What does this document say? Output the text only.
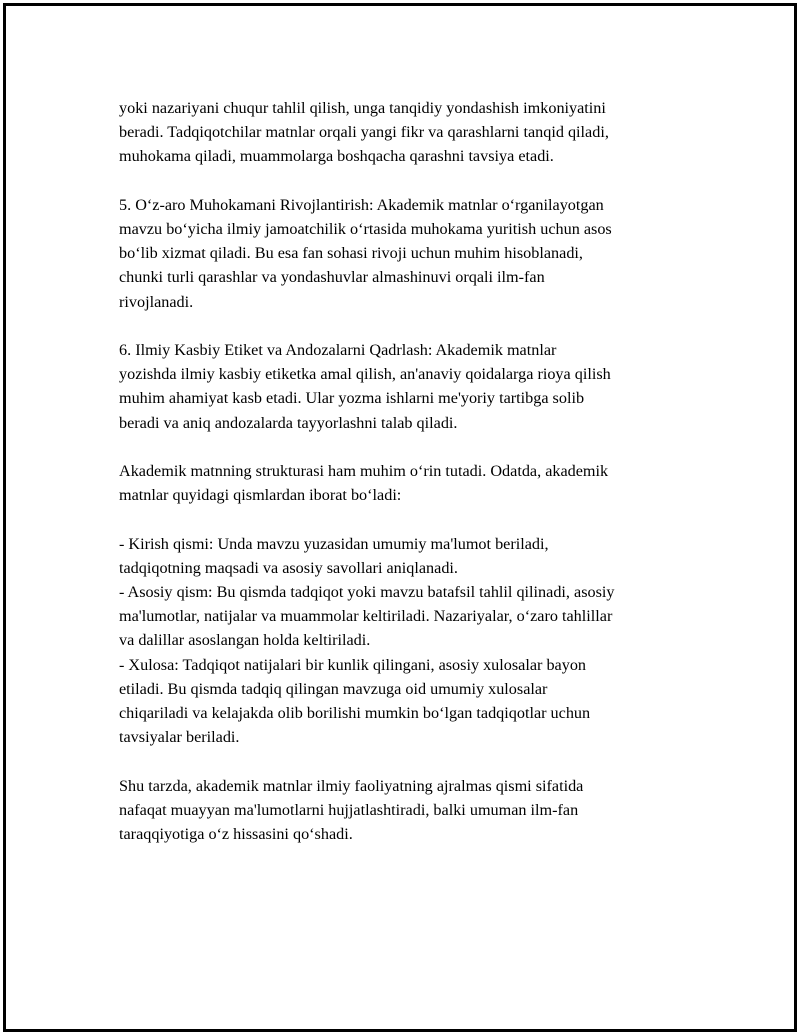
yoki nazariyani chuqur tahlil qilish, unga tanqidiy yondashish imkoniyatini
beradi. Tadqiqotchilar matnlar orqali yangi fikr va qarashlarni tanqid qiladi,
muhokama qiladi, muammolarga boshqacha qarashni tavsiya etadi.
5. O‘z-aro Muhokamani Rivojlantirish: Akademik matnlar o‘rganilayotgan
mavzu bo‘yicha ilmiy jamoatchilik o‘rtasida muhokama yuritish uchun asos
bo‘lib xizmat qiladi. Bu esa fan sohasi rivoji uchun muhim hisoblanadi,
chunki turli qarashlar va yondashuvlar almashinuvi orqali ilm-fan
rivojlanadi.
6. Ilmiy Kasbiy Etiket va Andozalarni Qadrlash: Akademik matnlar
yozishda ilmiy kasbiy etiketka amal qilish, an'anaviy qoidalarga rioya qilish
muhim ahamiyat kasb etadi. Ular yozma ishlarni me'yoriy tartibga solib
beradi va aniq andozalarda tayyorlashni talab qiladi.
Akademik matnning strukturasi ham muhim o‘rin tutadi. Odatda, akademik
matnlar quyidagi qismlardan iborat bo‘ladi:
- Kirish qismi: Unda mavzu yuzasidan umumiy ma'lumot beriladi,
tadqiqotning maqsadi va asosiy savollari aniqlanadi.
- Asosiy qism: Bu qismda tadqiqot yoki mavzu batafsil tahlil qilinadi, asosiy
ma'lumotlar, natijalar va muammolar keltiriladi. Nazariyalar, o‘zaro tahlillar
va dalillar asoslangan holda keltiriladi.
- Xulosa: Tadqiqot natijalari bir kunlik qilingani, asosiy xulosalar bayon
etiladi. Bu qismda tadqiq qilingan mavzuga oid umumiy xulosalar
chiqariladi va kelajakda olib borilishi mumkin bo‘lgan tadqiqotlar uchun
tavsiyalar beriladi.
Shu tarzda, akademik matnlar ilmiy faoliyatning ajralmas qismi sifatida
nafaqat muayyan ma'lumotlarni hujjatlashtiradi, balki umuman ilm-fan
taraqqiyotiga o‘z hissasini qo‘shadi.
